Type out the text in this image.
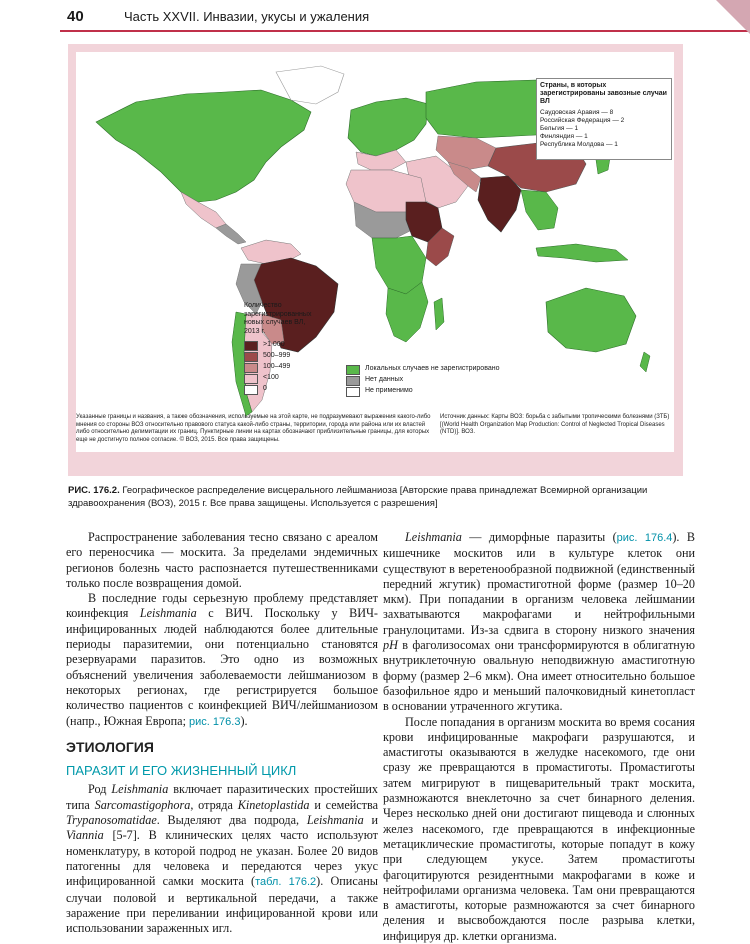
40	Часть XXVII. Инвазии, укусы и ужаления
Страны, в которых зарегистрированы завозные случаи ВЛ
Саудовская Аравия — 8
Российская Федерация — 2
Бельгия — 1
Финляндия — 1
Республика Молдова — 1
Количество зарегистрированных новых случаев ВЛ, 2013 г.
>1 000
500–999
100–499
<100
0
Локальных случаев не зарегистрировано
Нет данных
Не применимо
Указанные границы и названия, а также обозначения, используемые на этой карте, не подразумевают выражения какого-либо мнения со стороны ВОЗ относительно правового статуса какой-либо страны, территории, города или района или их властей либо относительно делимитации их границ. Пунктирные линии на картах обозначают приблизительные границы, для которых еще не достигнуто полное согласие. © ВОЗ, 2015. Все права защищены.
Источник данных: Карты ВОЗ: борьба с забытыми тропическими болезнями (ЗТБ) [(World Health Organization Map Production: Control of Neglected Tropical Diseases (NTD)]. ВОЗ.
РИС. 176.2. Географическое распределение висцерального лейшманиоза [Авторские права принадлежат Всемирной организации здравоохранения (ВОЗ), 2015 г. Все права защищены. Используется с разрешения]

Распространение заболевания тесно связано с ареалом его переносчика — москита. За пределами эндемичных регионов болезнь часто распознается путешественниками только после возвращения домой.

В последние годы серьезную проблему представляет коинфекция Leishmania с ВИЧ. Поскольку у ВИЧ-инфицированных людей наблюдаются более длительные периоды паразитемии, они потенциально становятся резервуарами паразитов. Это одно из возможных объяснений увеличения заболеваемости лейшманиозом в некоторых регионах, где регистрируется большое количество пациентов с коинфекцией ВИЧ/лейшманиозом (напр., Южная Европа; рис. 176.3).

ЭТИОЛОГИЯ
ПАРАЗИТ И ЕГО ЖИЗНЕННЫЙ ЦИКЛ

Род Leishmania включает паразитических простейших типа Sarcomastigophora, отряда Kinetoplastida и семейства Trypanosomatidae. Выделяют два подрода, Leishmania и Viannia [5-7]. В клинических целях часто используют номенклатуру, в которой подрод не указан. Более 20 видов патогенны для человека и передаются через укус инфицированной самки москита (табл. 176.2). Описаны случаи половой и вертикальной передачи, а также заражение при переливании инфицированной крови или использовании зараженных игл.

Leishmania — диморфные паразиты (рис. 176.4). В кишечнике москитов или в культуре клеток они существуют в веретенообразной подвижной (единственный передний жгутик) промастиготной форме (размер 10–20 мкм). При попадании в организм человека лейшмании захватываются макрофагами и нейтрофильными гранулоцитами. Из-за сдвига в сторону низкого значения pH в фаголизосомах они трансформируются в облигатную внутриклеточную овальную неподвижную амастиготную форму (размер 2–6 мкм). Она имеет относительно большое базофильное ядро и меньший палочковидный кинетопласт в основании утраченного жгутика.

После попадания в организм москита во время сосания крови инфицированные макрофаги разрушаются, и амастиготы оказываются в желудке насекомого, где они сразу же превращаются в промастиготы. Промастиготы затем мигрируют в пищеварительный тракт москита, размножаются внеклеточно за счет бинарного деления. Через несколько дней они достигают пищевода и слюнных желез насекомого, где превращаются в инфекционные метациклические промастиготы, которые попадут в кожу при следующем укусе. Затем промастиготы фагоцитируются резидентными макрофагами в коже и нейтрофилами организма человека. Там они превращаются в амастиготы, которые размножаются за счет бинарного деления и высвобождаются после разрыва клетки, инфицируя др. клетки организма.
